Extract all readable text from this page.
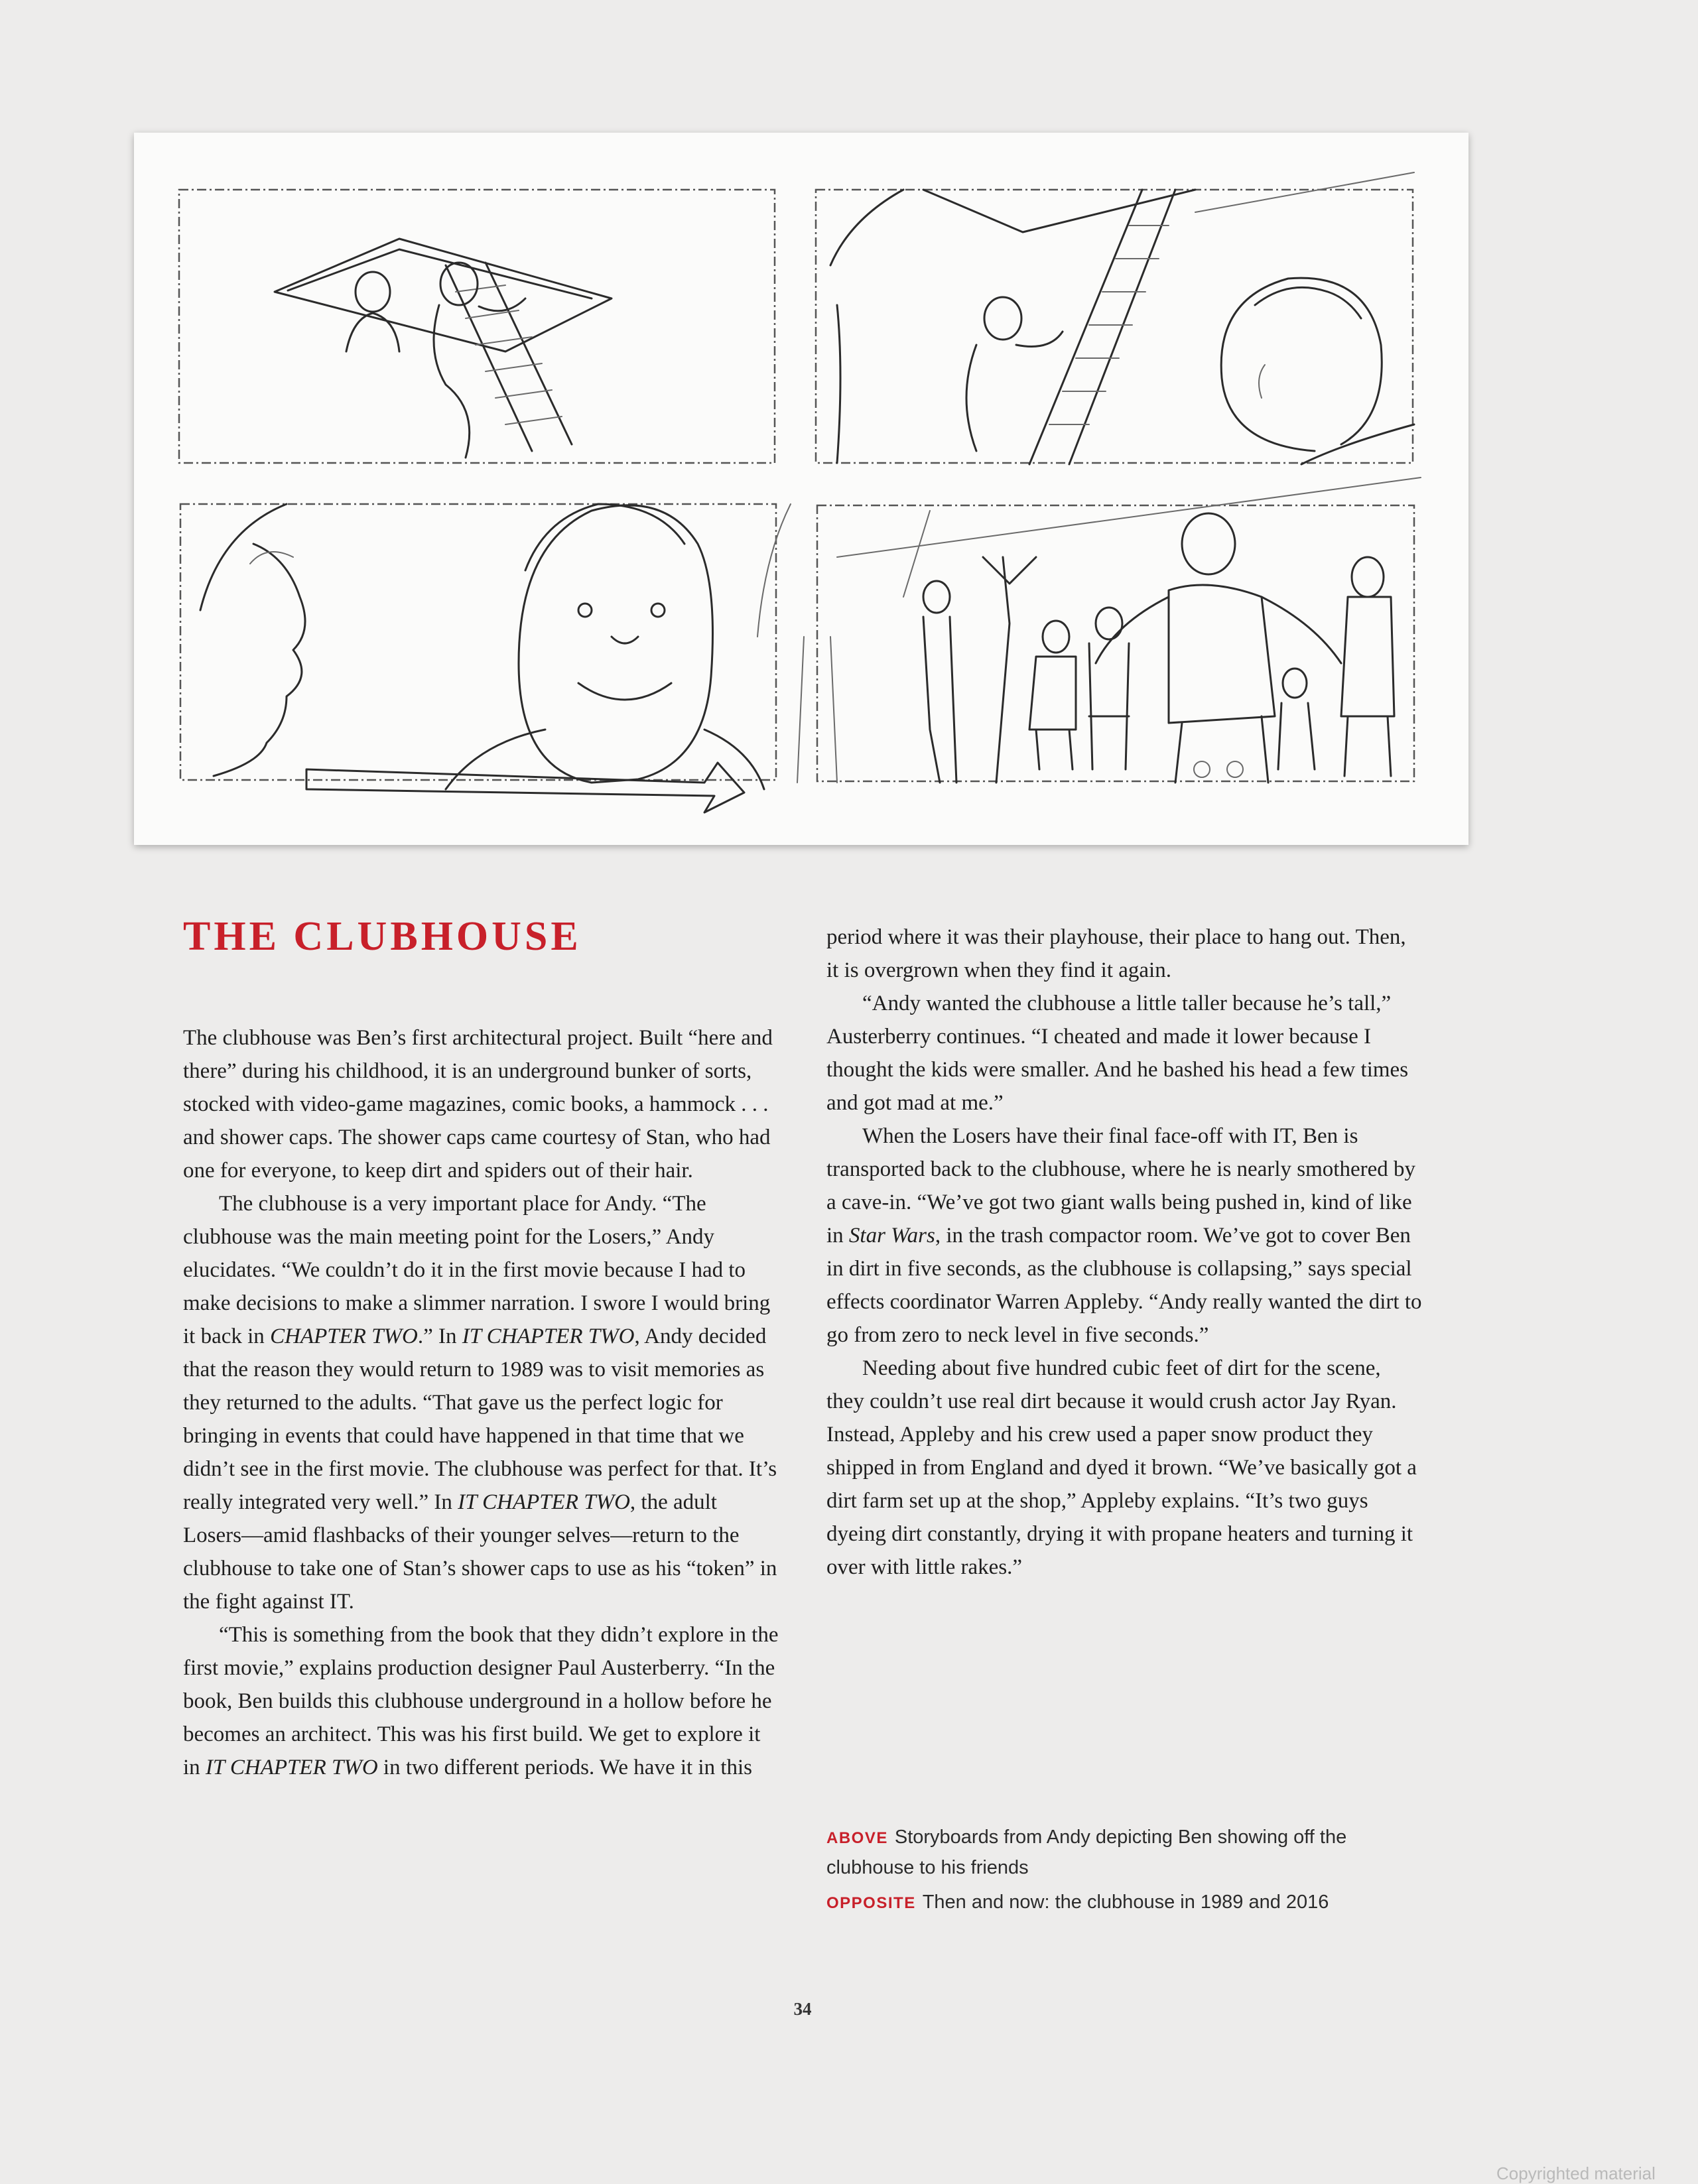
THE CLUBHOUSE

The clubhouse was Ben’s first architectural project. Built “here and there” during his childhood, it is an underground bunker of sorts, stocked with video-game magazines, comic books, a hammock . . . and shower caps. The shower caps came courtesy of Stan, who had one for everyone, to keep dirt and spiders out of their hair.

The clubhouse is a very important place for Andy. “The clubhouse was the main meeting point for the Losers,” Andy elucidates. “We couldn’t do it in the first movie because I had to make decisions to make a slimmer narration. I swore I would bring it back in CHAPTER TWO.” In IT CHAPTER TWO, Andy decided that the reason they would return to 1989 was to visit memories as they returned to the adults. “That gave us the perfect logic for bringing in events that could have happened in that time that we didn’t see in the first movie. The clubhouse was perfect for that. It’s really integrated very well.” In IT CHAPTER TWO, the adult Losers—amid flashbacks of their younger selves—return to the clubhouse to take one of Stan’s shower caps to use as his “token” in the fight against IT.

“This is something from the book that they didn’t explore in the first movie,” explains production designer Paul Austerberry. “In the book, Ben builds this clubhouse underground in a hollow before he becomes an architect. This was his first build. We get to explore it in IT CHAPTER TWO in two different periods. We have it in this

period where it was their playhouse, their place to hang out. Then, it is overgrown when they find it again.

“Andy wanted the clubhouse a little taller because he’s tall,” Austerberry continues. “I cheated and made it lower because I thought the kids were smaller. And he bashed his head a few times and got mad at me.”

When the Losers have their final face-off with IT, Ben is transported back to the clubhouse, where he is nearly smothered by a cave-in. “We’ve got two giant walls being pushed in, kind of like in Star Wars, in the trash compactor room. We’ve got to cover Ben in dirt in five seconds, as the clubhouse is collapsing,” says special effects coordinator Warren Appleby. “Andy really wanted the dirt to go from zero to neck level in five seconds.”

Needing about five hundred cubic feet of dirt for the scene, they couldn’t use real dirt because it would crush actor Jay Ryan. Instead, Appleby and his crew used a paper snow product they shipped in from England and dyed it brown. “We’ve basically got a dirt farm set up at the shop,” Appleby explains. “It’s two guys dyeing dirt constantly, drying it with propane heaters and turning it over with little rakes.”

ABOVE Storyboards from Andy depicting Ben showing off the clubhouse to his friends

OPPOSITE Then and now: the clubhouse in 1989 and 2016

34
Copyrighted material
